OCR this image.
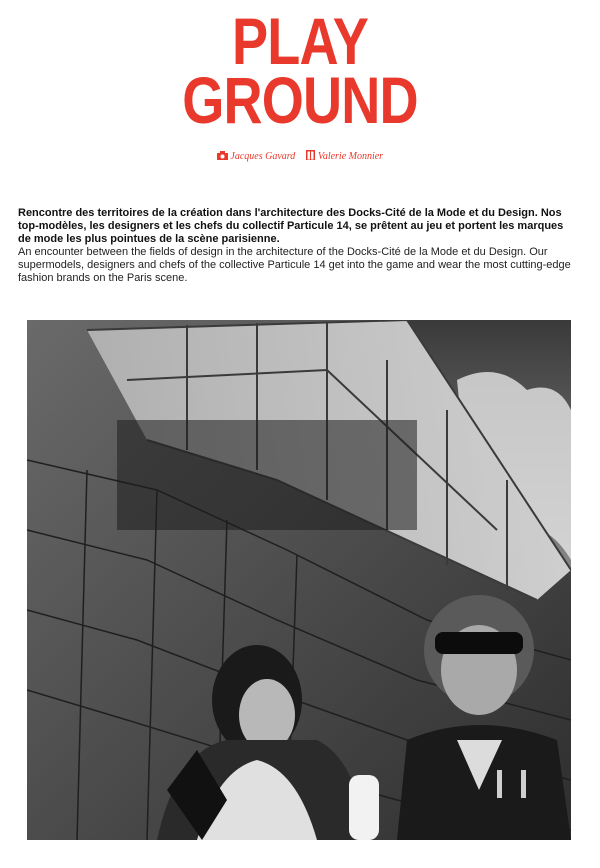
PLAY
GROUND
Jacques Gavard Valerie Monnier

Rencontre des territoires de la création dans l'architecture des Docks-Cité de la Mode et du Design. Nos top-modèles, les designers et les chefs du collectif Particule 14, se prêtent au jeu et portent les marques de mode les plus pointues de la scène parisienne.

An encounter between the fields of design in the architecture of the Docks-Cité de la Mode et du Design. Our supermodels, designers and chefs of the collective Particule 14 get into the game and wear the most cutting-edge fashion brands on the Paris scene.
